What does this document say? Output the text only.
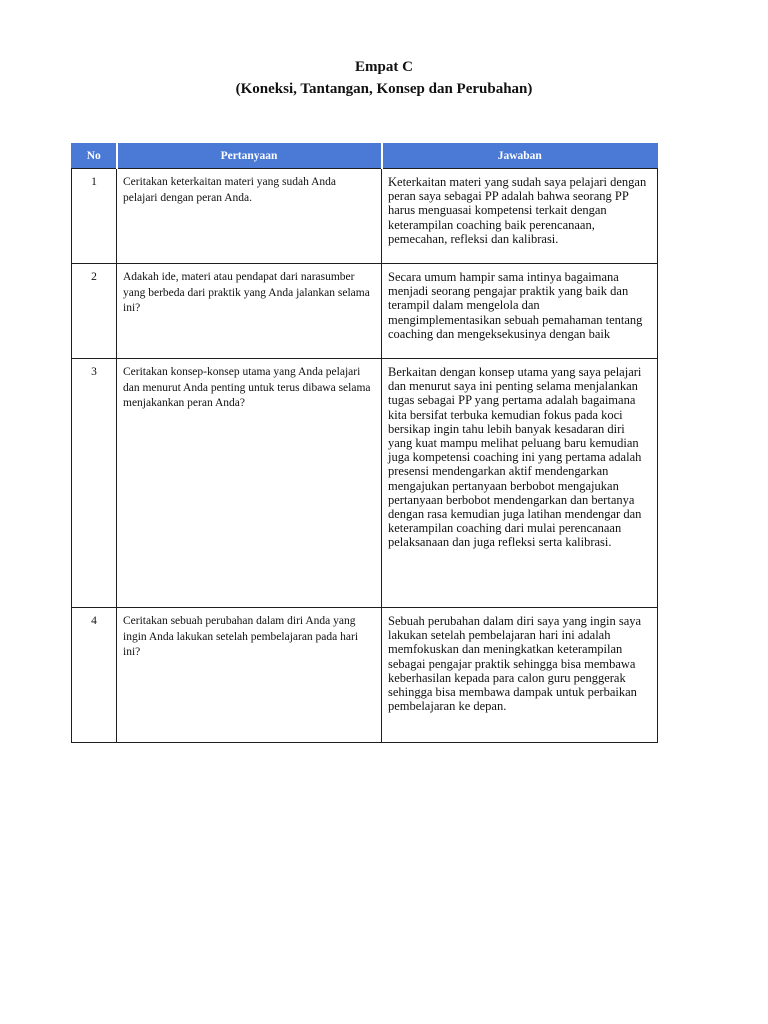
Empat C
(Koneksi, Tantangan, Konsep dan Perubahan)
No	Pertanyaan	Jawaban
1	Ceritakan keterkaitan materi yang sudah Anda pelajari dengan peran Anda.	Keterkaitan materi yang sudah saya pelajari dengan peran saya sebagai PP adalah bahwa seorang PP harus menguasai kompetensi terkait dengan keterampilan coaching baik perencanaan, pemecahan, refleksi dan kalibrasi.
2	Adakah ide, materi atau pendapat dari narasumber yang berbeda dari praktik yang Anda jalankan selama ini?	Secara umum hampir sama intinya bagaimana menjadi seorang pengajar praktik yang baik dan terampil dalam mengelola dan mengimplementasikan sebuah pemahaman tentang coaching dan mengeksekusinya dengan baik
3	Ceritakan konsep-konsep utama yang Anda pelajari dan menurut Anda penting untuk terus dibawa selama menjakankan peran Anda?	Berkaitan dengan konsep utama yang saya pelajari dan menurut saya ini penting selama menjalankan tugas sebagai PP yang pertama adalah bagaimana kita bersifat terbuka kemudian fokus pada koci bersikap ingin tahu lebih banyak kesadaran diri yang kuat mampu melihat peluang baru kemudian juga kompetensi coaching ini yang pertama adalah presensi mendengarkan aktif mendengarkan mengajukan pertanyaan berbobot mengajukan pertanyaan berbobot mendengarkan dan bertanya dengan rasa kemudian juga latihan mendengar dan keterampilan coaching dari mulai perencanaan pelaksanaan dan juga refleksi serta kalibrasi.
4	Ceritakan sebuah perubahan dalam diri Anda yang ingin Anda lakukan setelah pembelajaran pada hari ini?	Sebuah perubahan dalam diri saya yang ingin saya lakukan setelah pembelajaran hari ini adalah memfokuskan dan meningkatkan keterampilan sebagai pengajar praktik sehingga bisa membawa keberhasilan kepada para calon guru penggerak sehingga bisa membawa dampak untuk perbaikan pembelajaran ke depan.
